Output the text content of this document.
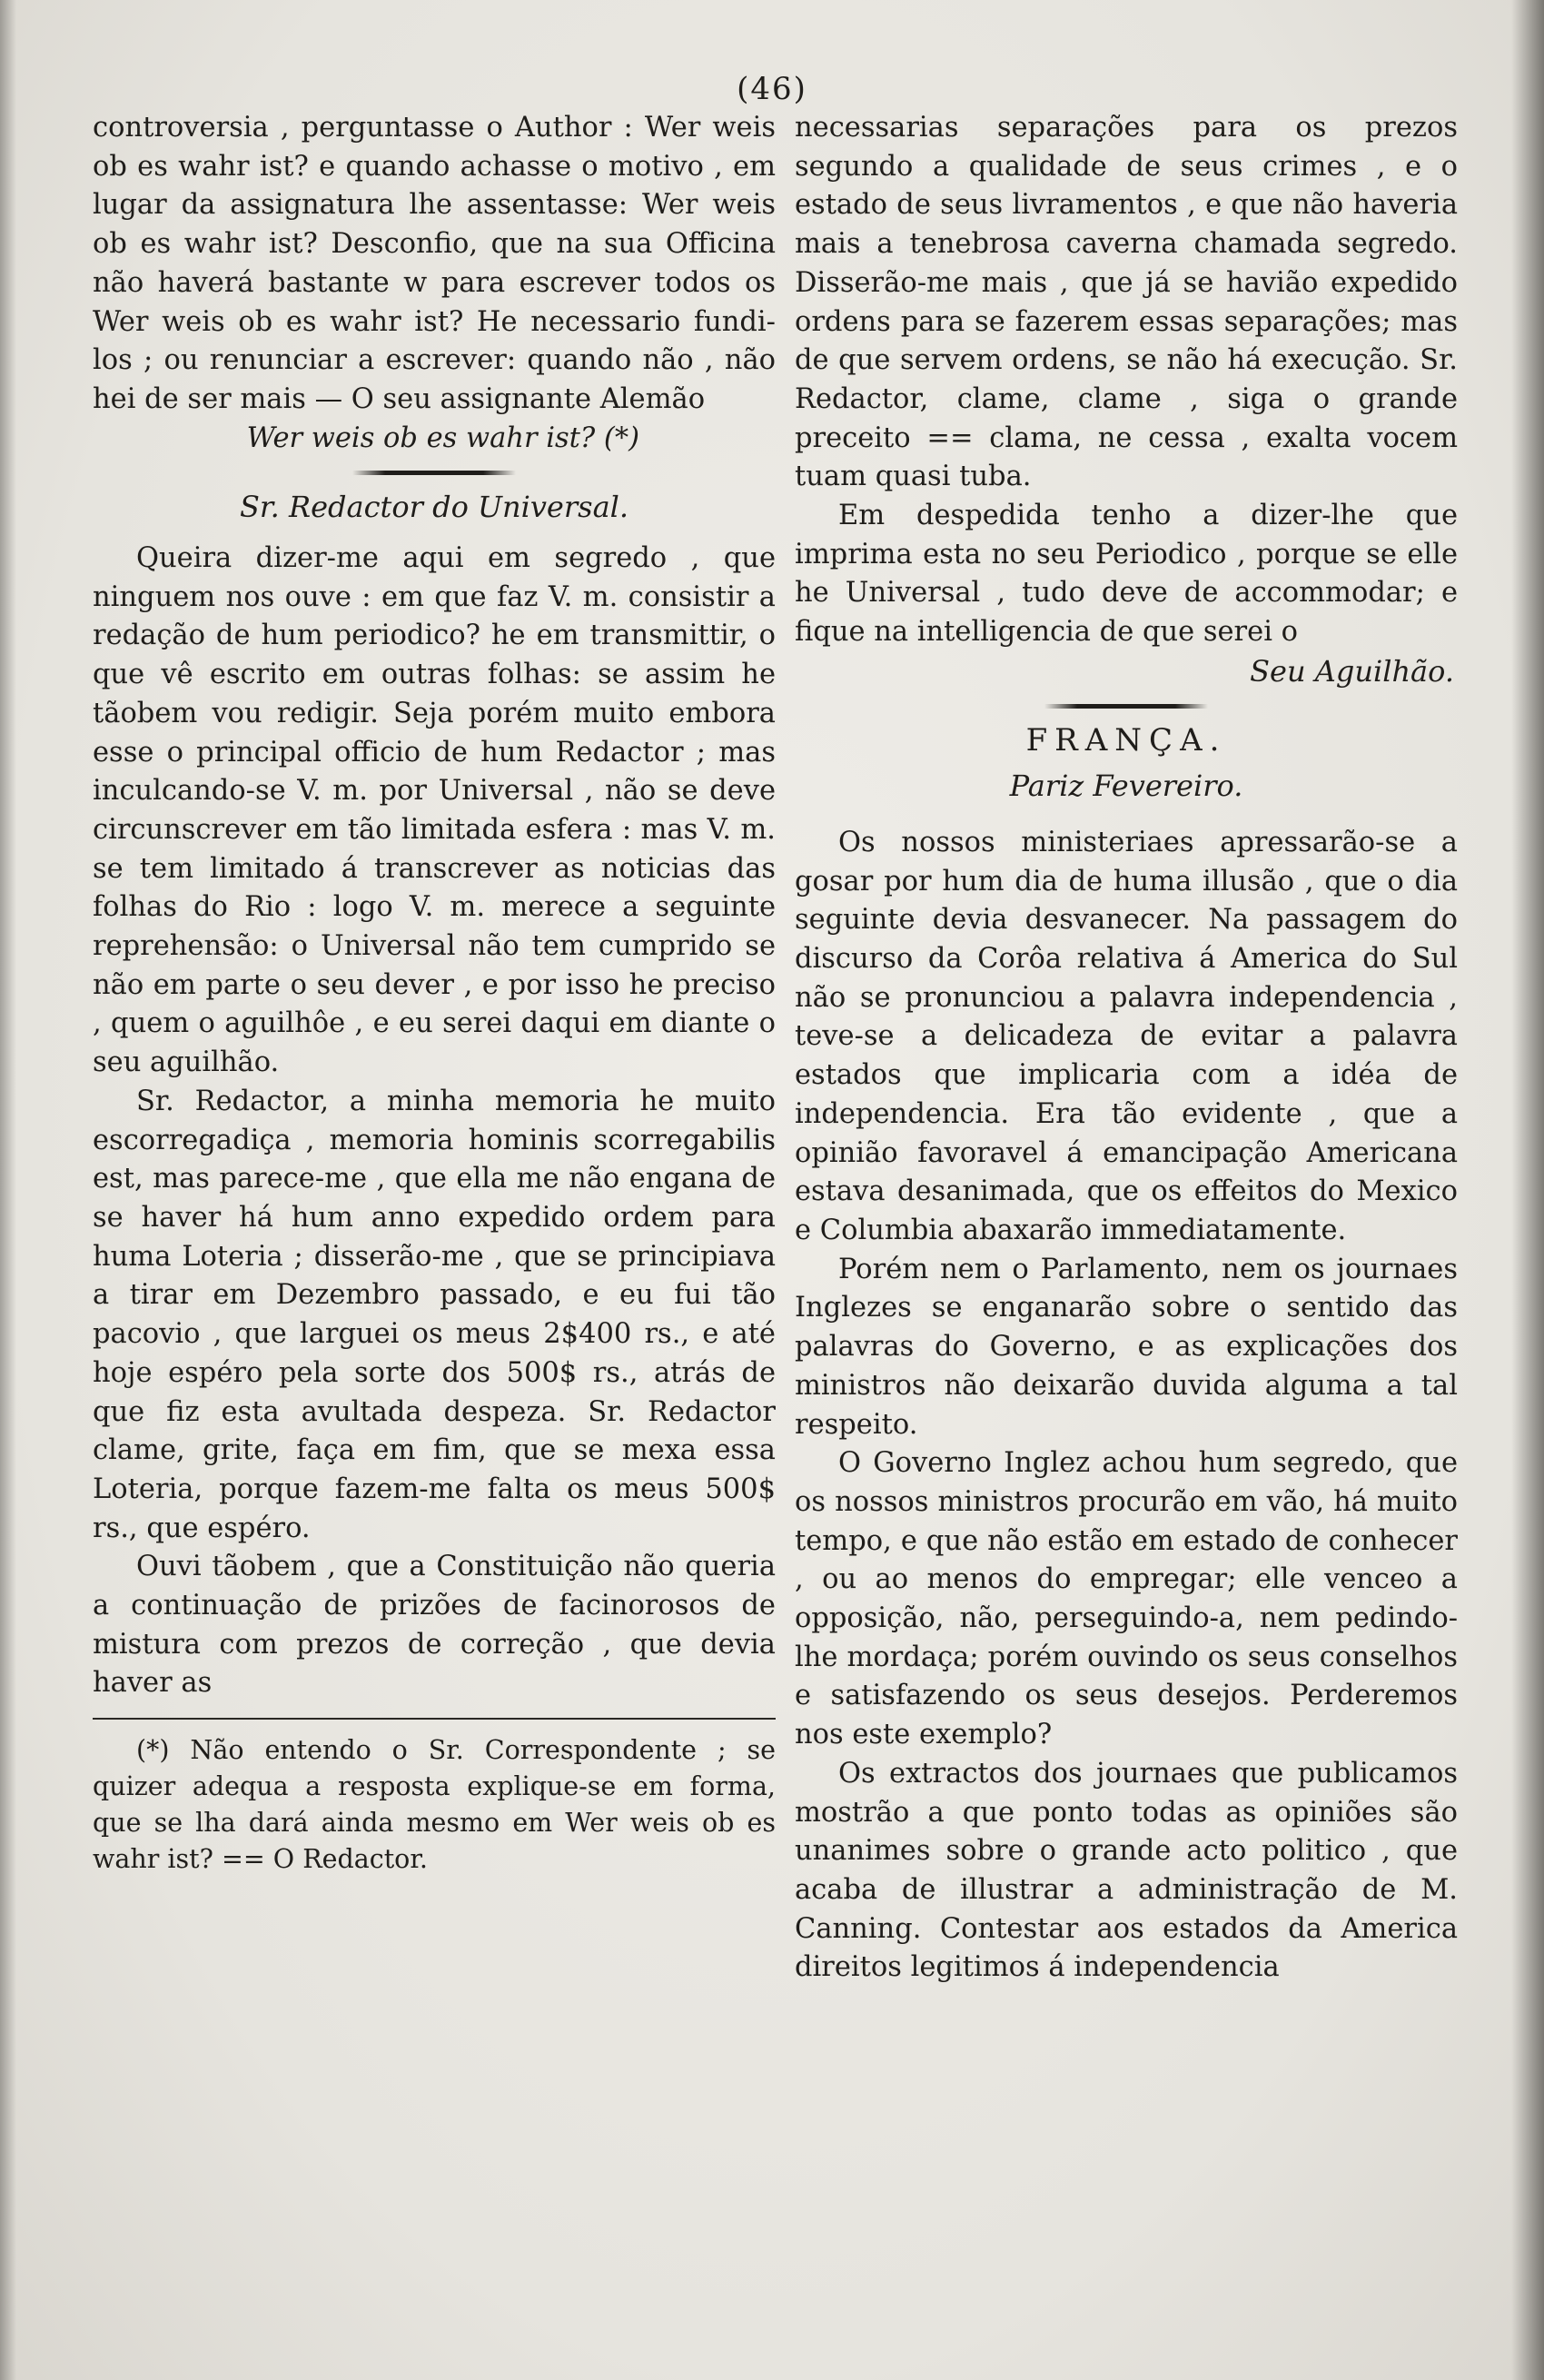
(46)

controversia , perguntasse o Author : Wer weis ob es wahr ist? e quando achasse o motivo , em lugar da assignatura lhe assentasse: Wer weis ob es wahr ist? Desconfio, que na sua Officina não haverá bastante w para escrever todos os Wer weis ob es wahr ist? He necessario fundi-los ; ou renunciar a escrever: quando não , não hei de ser mais — O seu assignante Alemão

Wer weis ob es wahr ist? (*)

Sr. Redactor do Universal.

Queira dizer-me aqui em segredo , que ninguem nos ouve : em que faz V. m. consistir a redação de hum periodico? he em transmittir, o que vê escrito em outras folhas: se assim he tãobem vou redigir. Seja porém muito embora esse o principal officio de hum Redactor ; mas inculcando-se V. m. por Universal , não se deve circunscrever em tão limitada esfera : mas V. m. se tem limitado á transcrever as noticias das folhas do Rio : logo V. m. merece a seguinte reprehensão: o Universal não tem cumprido se não em parte o seu dever , e por isso he preciso , quem o aguilhôe , e eu serei daqui em diante o seu aguilhão.

Sr. Redactor, a minha memoria he muito escorregadiça , memoria hominis scorregabilis est, mas parece-me , que ella me não engana de se haver há hum anno expedido ordem para huma Loteria ; disserão-me , que se principiava a tirar em Dezembro passado, e eu fui tão pacovio , que larguei os meus 2$400 rs., e até hoje espéro pela sorte dos 500$ rs., atrás de que fiz esta avultada despeza. Sr. Redactor clame, grite, faça em fim, que se mexa essa Loteria, porque fazem-me falta os meus 500$ rs., que espéro.

Ouvi tãobem , que a Constituição não queria a continuação de prizões de facinorosos de mistura com prezos de correção , que devia haver as

(*) Não entendo o Sr. Correspondente ; se quizer adequa a resposta explique-se em forma, que se lha dará ainda mesmo em Wer weis ob es wahr ist? == O Redactor.

necessarias separações para os prezos segundo a qualidade de seus crimes , e o estado de seus livramentos , e que não haveria mais a tenebrosa caverna chamada segredo. Disserão-me mais , que já se havião expedido ordens para se fazerem essas separações; mas de que servem ordens, se não há execução. Sr. Redactor, clame, clame , siga o grande preceito == clama, ne cessa , exalta vocem tuam quasi tuba.

Em despedida tenho a dizer-lhe que imprima esta no seu Periodico , porque se elle he Universal , tudo deve de accommodar; e fique na intelligencia de que serei o

Seu Aguilhão.

FRANÇA.

Pariz Fevereiro.

Os nossos ministeriaes apressarão-se a gosar por hum dia de huma illusão , que o dia seguinte devia desvanecer. Na passagem do discurso da Corôa relativa á America do Sul não se pronunciou a palavra independencia , teve-se a delicadeza de evitar a palavra estados que implicaria com a idéa de independencia. Era tão evidente , que a opinião favoravel á emancipação Americana estava desanimada, que os effeitos do Mexico e Columbia abaxarão immediatamente.

Porém nem o Parlamento, nem os journaes Inglezes se enganarão sobre o sentido das palavras do Governo, e as explicações dos ministros não deixarão duvida alguma a tal respeito.

O Governo Inglez achou hum segredo, que os nossos ministros procurão em vão, há muito tempo, e que não estão em estado de conhecer , ou ao menos do empregar; elle venceo a opposição, não, perseguindo-a, nem pedindo-lhe mordaça; porém ouvindo os seus conselhos e satisfazendo os seus desejos. Perderemos nos este exemplo?

Os extractos dos journaes que publicamos mostrão a que ponto todas as opiniões são unanimes sobre o grande acto politico , que acaba de illustrar a administração de M. Canning. Contestar aos estados da America direitos legitimos á independencia
